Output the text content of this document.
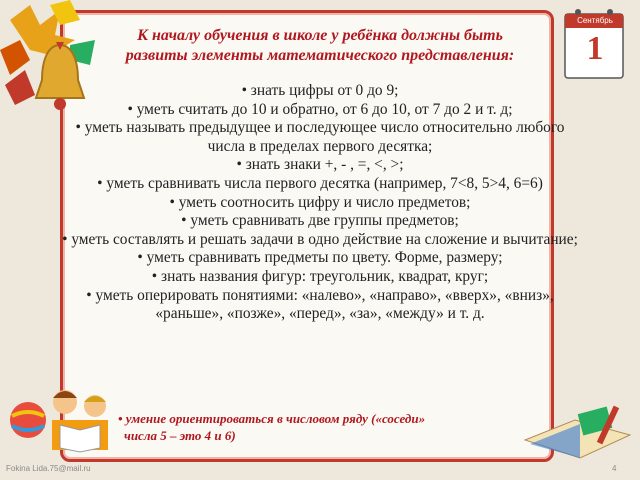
Сентябрь
1
К началу обучения в школе у ребёнка должны быть
развиты элементы математического представления:
• знать цифры от 0 до 9;
• уметь считать до 10 и обратно, от 6 до 10, от 7 до 2 и т. д;
• уметь называть предыдущее и последующее число относительно любого числа в пределах первого десятка;
• знать знаки +, - , =, <, >;
• уметь сравнивать числа первого десятка (например, 7<8, 5>4, 6=6)
• уметь соотносить цифру и число предметов;
• уметь сравнивать две группы предметов;
• уметь составлять и решать задачи в одно действие на сложение и вычитание;
• уметь сравнивать предметы по цвету. Форме, размеру;
• знать названия фигур: треугольник, квадрат, круг;
• уметь оперировать понятиями: «налево», «направо», «вверх», «вниз», «раньше», «позже», «перед», «за», «между» и т. д.
• умение ориентироваться в числовом ряду («соседи»
числа 5 – это 4 и 6)
Fokina Lida.75@mail.ru	4
